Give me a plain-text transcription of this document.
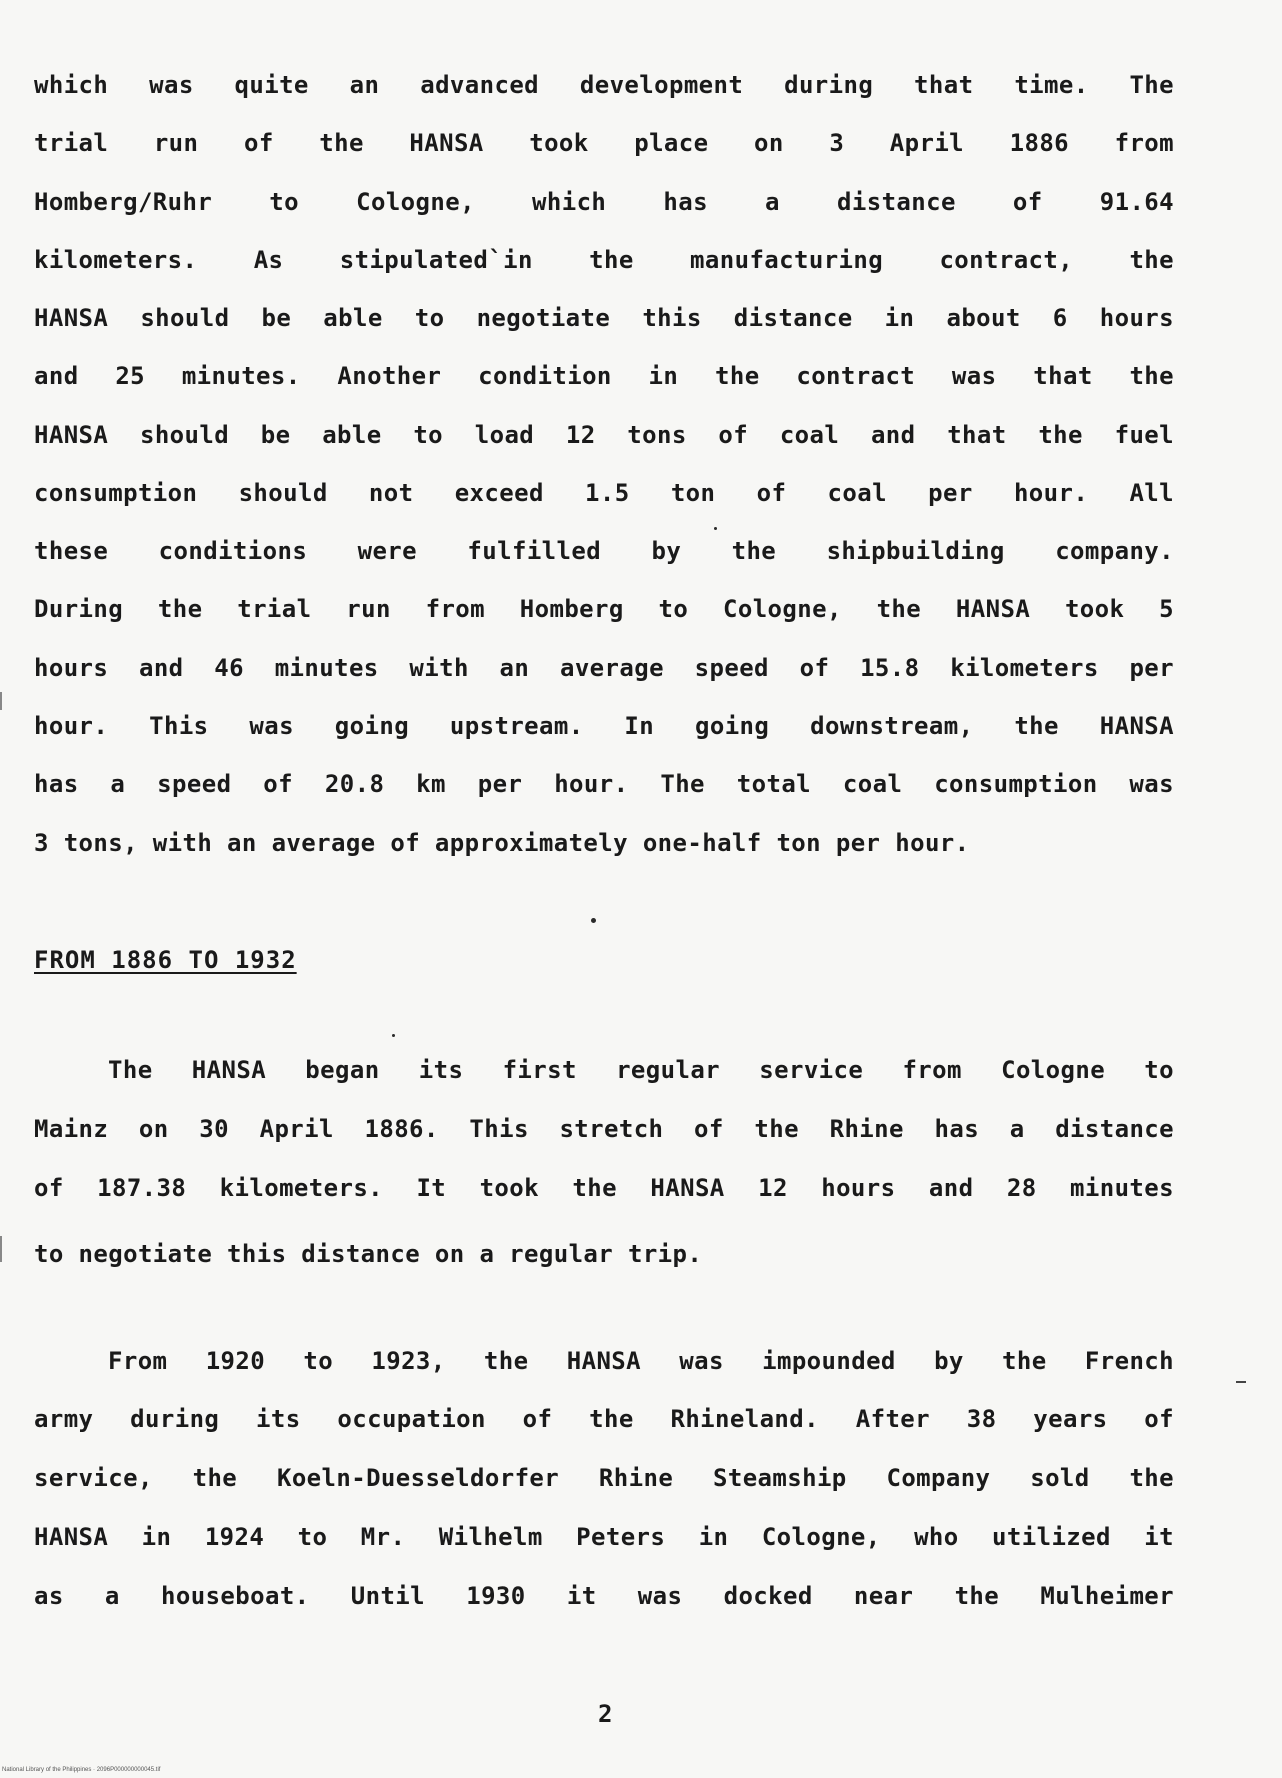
which was quite an advanced development during that time. The
trial run of the HANSA took place on 3 April 1886 from
Homberg/Ruhr to Cologne, which has a distance of 91.64
kilometers. As stipulated`in the manufacturing contract, the
HANSA should be able to negotiate this distance in about 6 hours
and 25 minutes. Another condition in the contract was that the
HANSA should be able to load 12 tons of coal and that the fuel
consumption should not exceed 1.5 ton of coal per hour. All
these conditions were fulfilled by the shipbuilding company.
During the trial run from Homberg to Cologne, the HANSA took 5
hours and 46 minutes with an average speed of 15.8 kilometers per
hour. This was going upstream. In going downstream, the HANSA
has a speed of 20.8 km per hour. The total coal consumption was
3 tons, with an average of approximately one-half ton per hour.
FROM 1886 TO 1932
The HANSA began its first regular service from Cologne to
Mainz on 30 April 1886. This stretch of the Rhine has a distance
of 187.38 kilometers. It took the HANSA 12 hours and 28 minutes
to negotiate this distance on a regular trip.
From 1920 to 1923, the HANSA was impounded by the French
army during its occupation of the Rhineland. After 38 years of
service, the Koeln-Duesseldorfer Rhine Steamship Company sold the
HANSA in 1924 to Mr. Wilhelm Peters in Cologne, who utilized it
as a houseboat. Until 1930 it was docked near the Mulheimer
2
National Library of the Philippines · 2096P000000000045.tif
